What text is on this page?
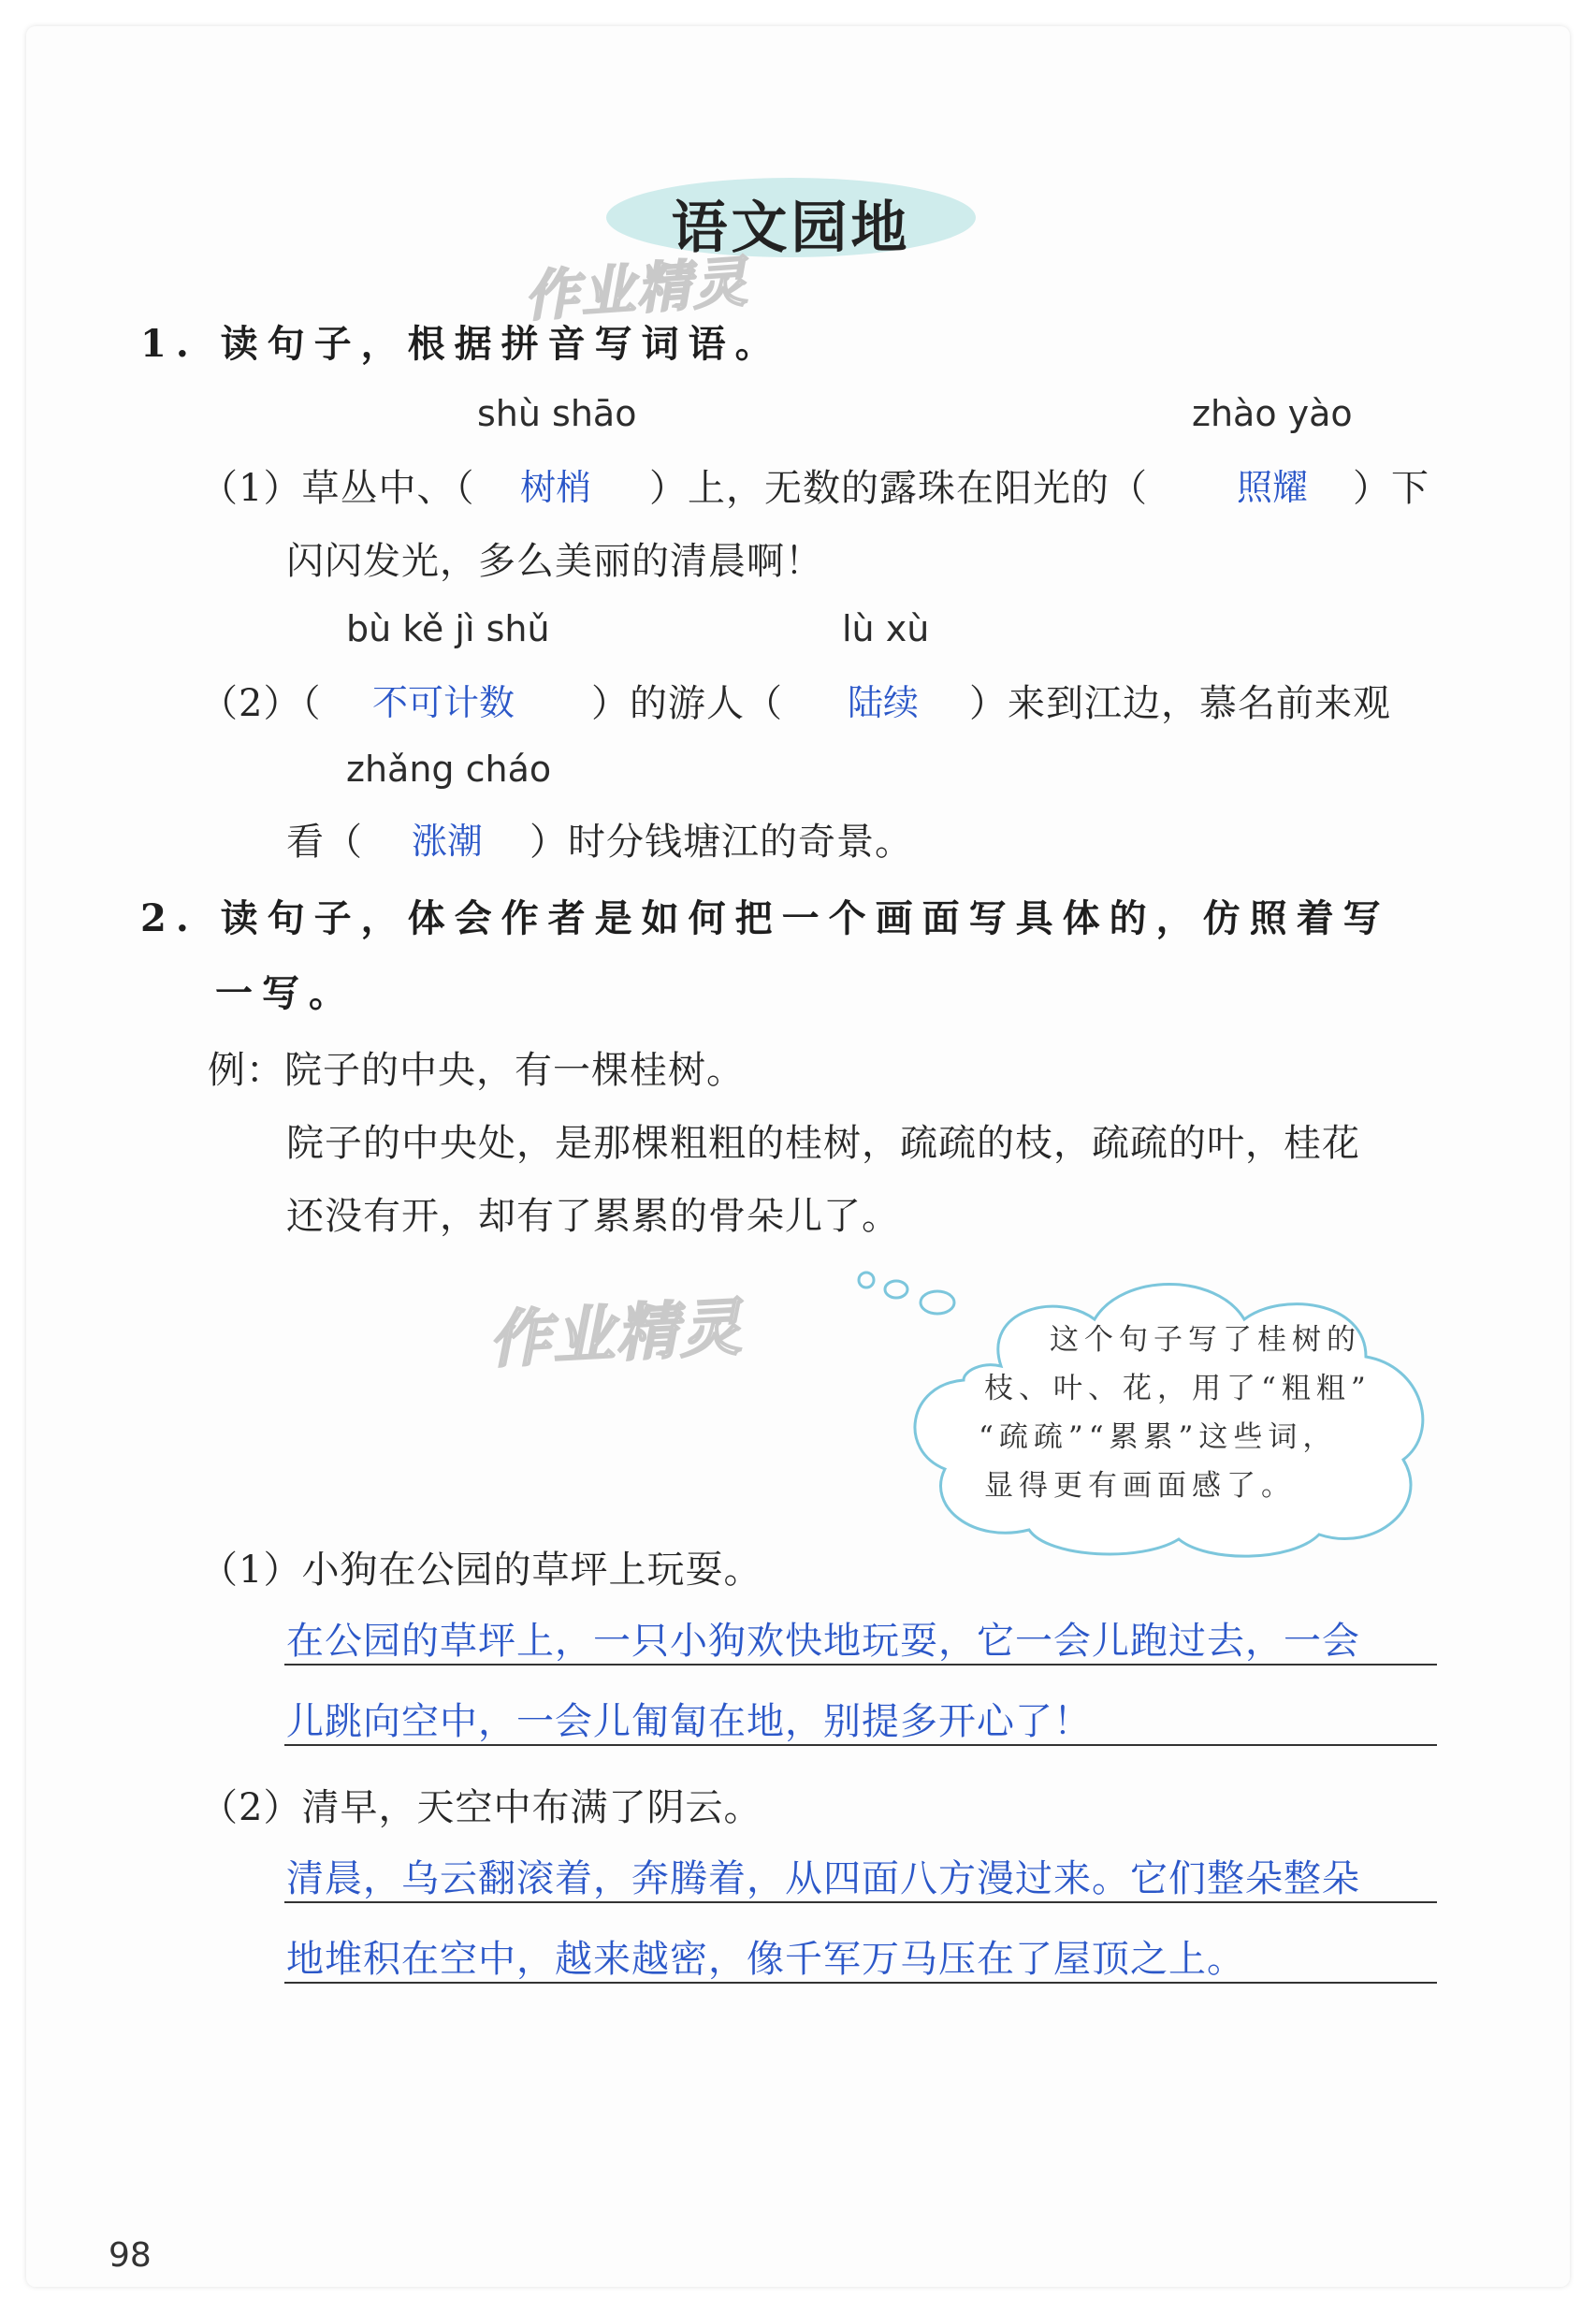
语文园地
作业精灵
作业精灵
1. 读句子，根据拼音写词语。
shù shāo	zhào yào
（1）草丛中、（ 树梢 ）上，无数的露珠在阳光的（	照耀 ）下
闪闪发光，多么美丽的清晨啊！
bù kě jì shǔ	lù xù
（2）（ 不可计数 ）的游人（ 陆续 ）来到江边，慕名前来观
zhǎng cháo
看（ 涨潮 ）时分钱塘江的奇景。
2. 读句子，体会作者是如何把一个画面写具体的，仿照着写
一写。
例：院子的中央，有一棵桂树。
院子的中央处，是那棵粗粗的桂树，疏疏的枝，疏疏的叶，桂花
还没有开，却有了累累的骨朵儿了。
这个句子写了桂树的
枝、叶、花，用了“粗粗”
“疏疏”“累累”这些词，
显得更有画面感了。
（1）小狗在公园的草坪上玩耍。
在公园的草坪上，一只小狗欢快地玩耍，它一会儿跑过去，一会
儿跳向空中，一会儿匍匐在地，别提多开心了！
（2）清早，天空中布满了阴云。
清晨，乌云翻滚着，奔腾着，从四面八方漫过来。它们整朵整朵
地堆积在空中，越来越密，像千军万马压在了屋顶之上。
98
